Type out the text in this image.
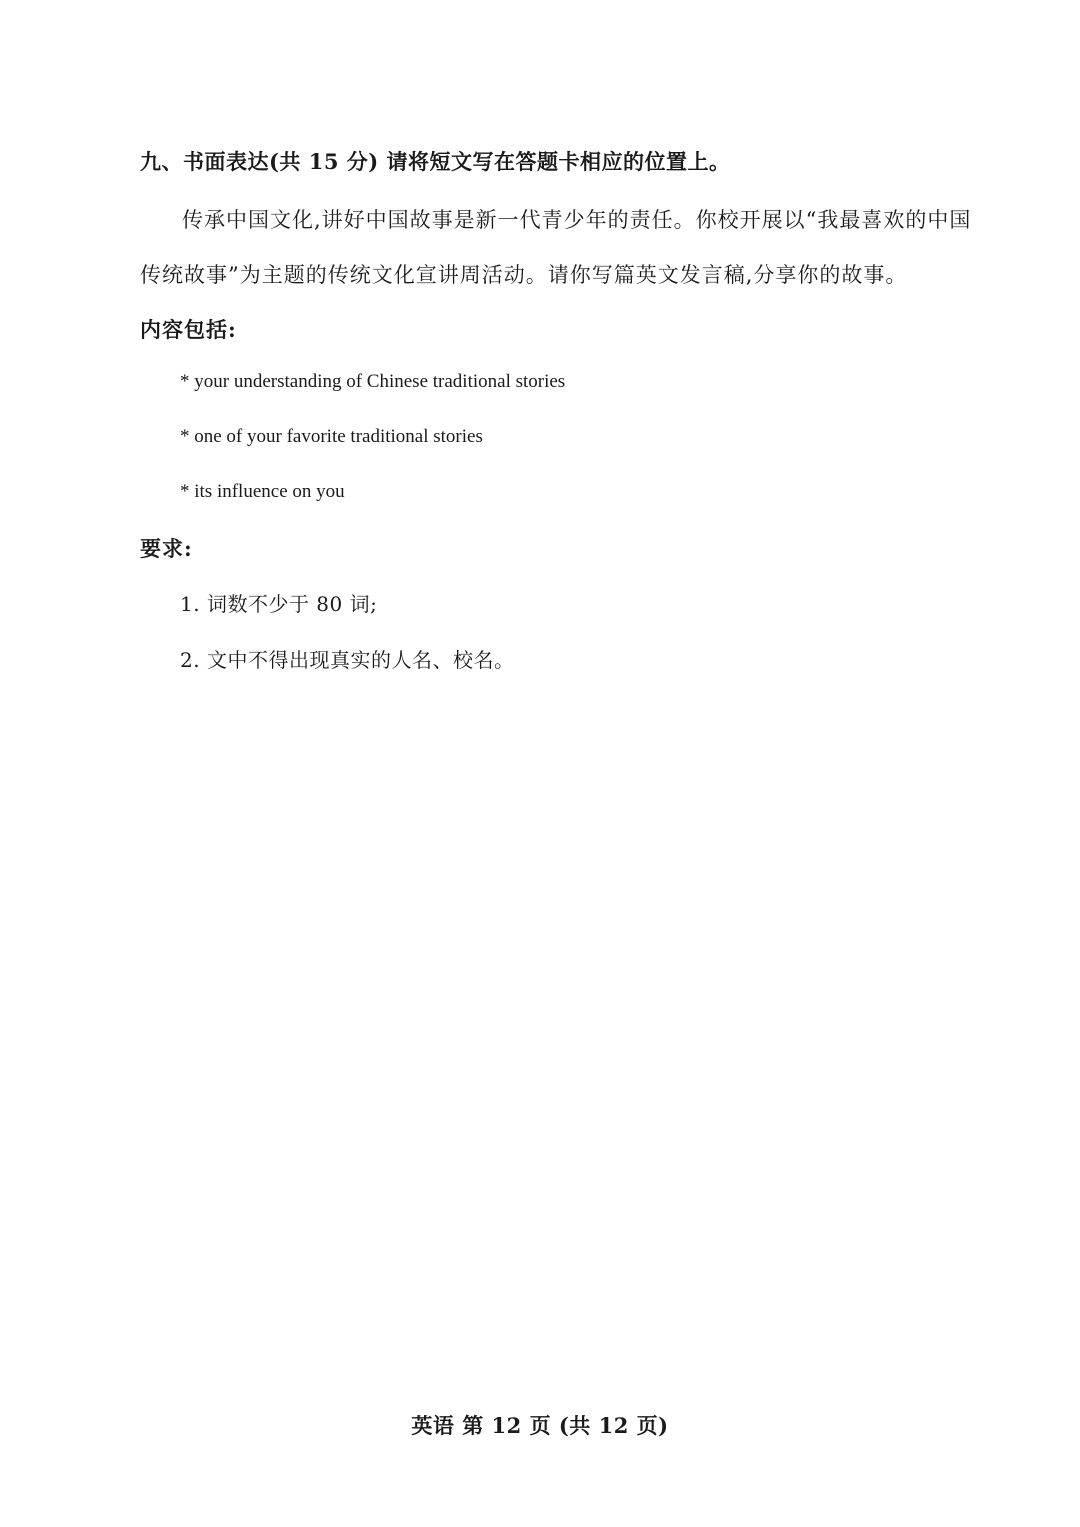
九、书面表达(共 15 分) 请将短文写在答题卡相应的位置上。
传承中国文化,讲好中国故事是新一代青少年的责任。你校开展以“我最喜欢的中国
传统故事”为主题的传统文化宣讲周活动。请你写篇英文发言稿,分享你的故事。
内容包括:
* your understanding of Chinese traditional stories
* one of your favorite traditional stories
* its influence on you
要求:
1. 词数不少于 80 词;
2. 文中不得出现真实的人名、校名。
英语 第 12 页 (共 12 页)
